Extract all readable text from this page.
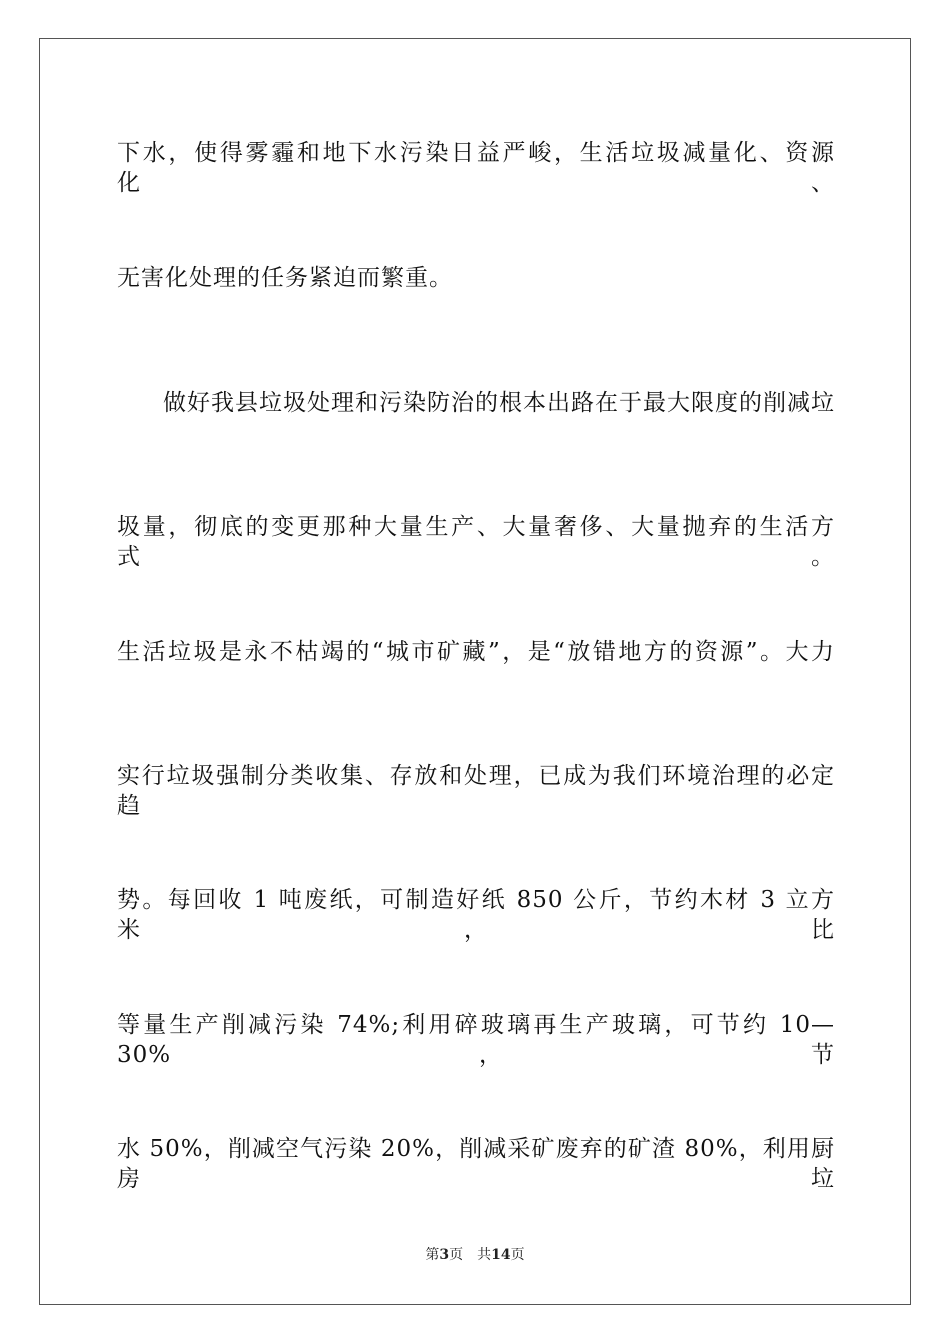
下水，使得雾霾和地下水污染日益严峻，生活垃圾减量化、资源化、
无害化处理的任务紧迫而繁重。
做好我县垃圾处理和污染防治的根本出路在于最大限度的削减垃
圾量，彻底的变更那种大量生产、大量奢侈、大量抛弃的生活方式。
生活垃圾是永不枯竭的“城市矿藏”，是“放错地方的资源”。大力
实行垃圾强制分类收集、存放和处理，已成为我们环境治理的必定趋
势。每回收 1 吨废纸，可制造好纸 850 公斤，节约木材 3 立方米，比
等量生产削减污染 74%;利用碎玻璃再生产玻璃，可节约 10—30%，节
水 50%，削减空气污染 20%，削减采矿废弃的矿渣 80%，利用厨房垃
第3页 共14页
